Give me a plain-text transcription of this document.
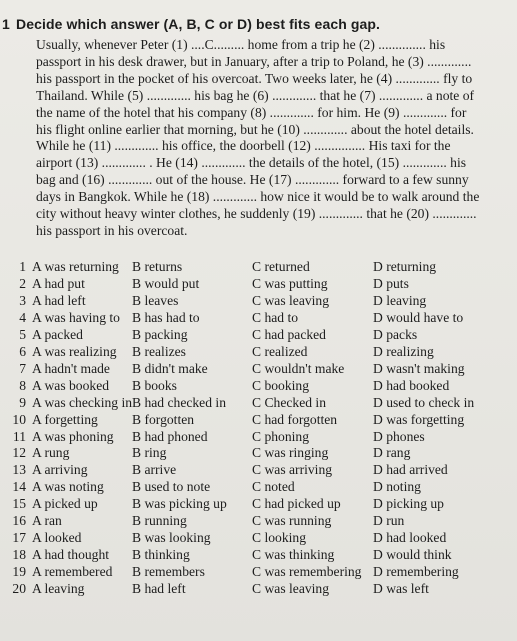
1 Decide which answer (A, B, C or D) best fits each gap.
Usually, whenever Peter (1) ....C......... home from a trip he (2) .............. his
passport in his desk drawer, but in January, after a trip to Poland, he (3) .............
his passport in the pocket of his overcoat. Two weeks later, he (4) ............. fly to
Thailand. While (5) ............. his bag he (6) ............. that he (7) ............. a note of
the name of the hotel that his company (8) ............. for him. He (9) ............. for
his flight online earlier that morning, but he (10) ............. about the hotel details.
While he (11) ............. his office, the doorbell (12) ............... His taxi for the
airport (13) ............. . He (14) ............. the details of the hotel, (15) ............. his
bag and (16) ............. out of the house. He (17) ............. forward to a few sunny
days in Bangkok. While he (18) ............. how nice it would be to walk around the
city without heavy winter clothes, he suddenly (19) ............. that he (20) .............
his passport in his overcoat.
1 A was returning B returns	C returned	D returning
2 A had put	B would put	C was putting	D puts
3 A had left	B leaves	C was leaving	D leaving
4 A was having to B has had to	C had to	D would have to
5 A packed	B packing	C had packed	D packs
6 A was realizing B realizes	C realized	D realizing
7 A hadn't made B didn't make	C wouldn't make D wasn't making
8 A was booked B books	C booking	D had booked
9 A was checking in B had checked in C Checked in	D used to check in
10 A forgetting	B forgotten	C had forgotten	D was forgetting
11 A was phoning B had phoned	C phoning	D phones
12 A rung	B ring	C was ringing	D rang
13 A arriving	B arrive	C was arriving	D had arrived
14 A was noting B used to note	C noted	D noting
15 A picked up	B was picking up C had picked up D picking up
16 A ran	B running	C was running	D run
17 A looked	B was looking	C looking	D had looked
18 A had thought B thinking	C was thinking	D would think
19 A remembered B remembers	C was remembering D remembering
20 A leaving	B had left	C was leaving	D was left
